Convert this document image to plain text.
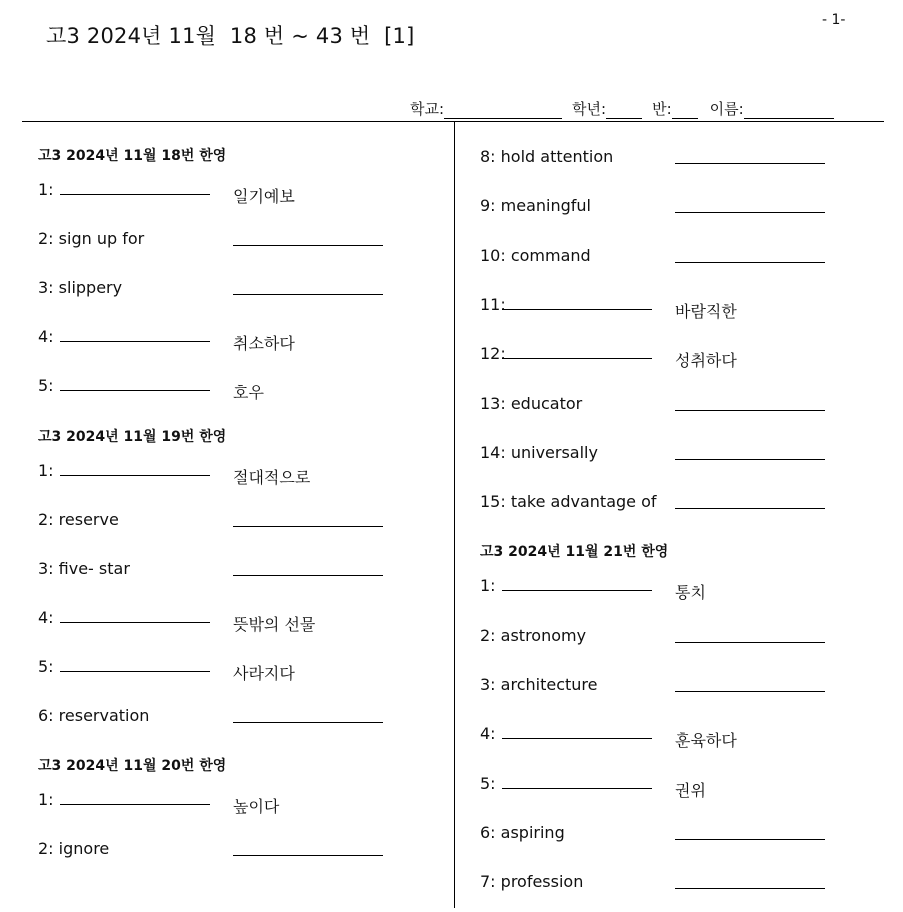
고3 2024년 11월  18 번 ~ 43 번  [1]
- 1-
학교:	학년:	반:	이름:
고3 2024년 11월 18번 한영
1:	일기예보
2: sign up for
3: slippery
4:	취소하다
5:	호우
고3 2024년 11월 19번 한영
1:	절대적으로
2: reserve
3: five- star
4:	뜻밖의 선물
5:	사라지다
6: reservation
고3 2024년 11월 20번 한영
1:	높이다
2: ignore
8: hold attention
9: meaningful
10: command
11:	바람직한
12:	성취하다
13: educator
14: universally
15: take advantage of
고3 2024년 11월 21번 한영
1:	통치
2: astronomy
3: architecture
4:	훈육하다
5:	권위
6: aspiring
7: profession
